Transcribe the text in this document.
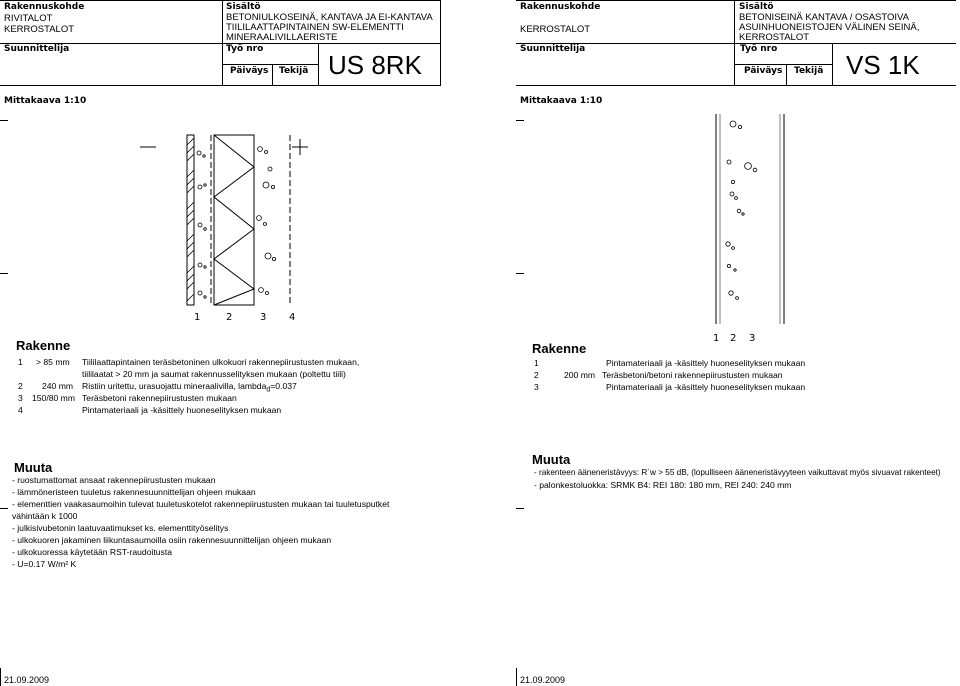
Rakennuskohde
RIVITALOT
KERROSTALOT
Sisältö
BETONIULKOSEINÄ, KANTAVA JA EI-KANTAVA
TIILILAATTAPINTAINEN SW-ELEMENTTI
MINERAALIVILLAERISTE
Suunnittelija	Työ nro
Päiväys Tekijä US 8RK
Mittakaava 1:10
1	2	3 4
Rakenne
1 > 85 mm Tiililaattapintainen teräsbetoninen ulkokuori rakennepiirustusten mukaan,
tiililaatat > 20 mm ja saumat rakennusselityksen mukaan (poltettu tiili)
2 240 mm Ristiin uritettu, urasuojattu mineraalivilla, lambda$_d$=0.037
3 150/80 mm Teräsbetoni rakennepiirustusten mukaan
4	Pintamateriaali ja -käsittely huoneselityksen mukaan
Muuta
- ruostumattomat ansaat rakennepiirustusten mukaan
- lämmöneristeen tuuletus rakennesuunnittelijan ohjeen mukaan
- elementtien vaakasaumoihin tulevat tuuletuskotelot rakennepiirustusten mukaan tai tuuletusputket
vähintään k 1000
- julkisivubetonin laatuvaatimukset ks. elementtityöselitys
- ulkokuoren jakaminen liikuntasaumoilla osiin rakennesuunnittelijan ohjeen mukaan
- ulkokuoressa käytetään RST-raudoitusta
- U=0.17 W/m² K
21.09.2009
Rakennuskohde
KERROSTALOT
Sisältö
BETONISEINÄ KANTAVA / OSASTOIVA
ASUINHUONEISTOJEN VÄLINEN SEINÄ,
KERROSTALOT
Suunnittelija	Työ nro
Päiväys Tekijä VS 1K
Mittakaava 1:10
1 2 3
Rakenne
1	Pintamateriaali ja -käsittely huoneselityksen mukaan
2	200 mm Teräsbetoni/betoni rakennepiirustusten mukaan
3	Pintamateriaali ja -käsittely huoneselityksen mukaan
Muuta
- rakenteen ääneneristävyys: R´w > 55 dB, (lopulliseen ääneneristävyyteen vaikuttavat myös sivuavat rakenteet)
- palonkestoluokka: SRMK B4: REI 180: 180 mm, REI 240: 240 mm
21.09.2009
